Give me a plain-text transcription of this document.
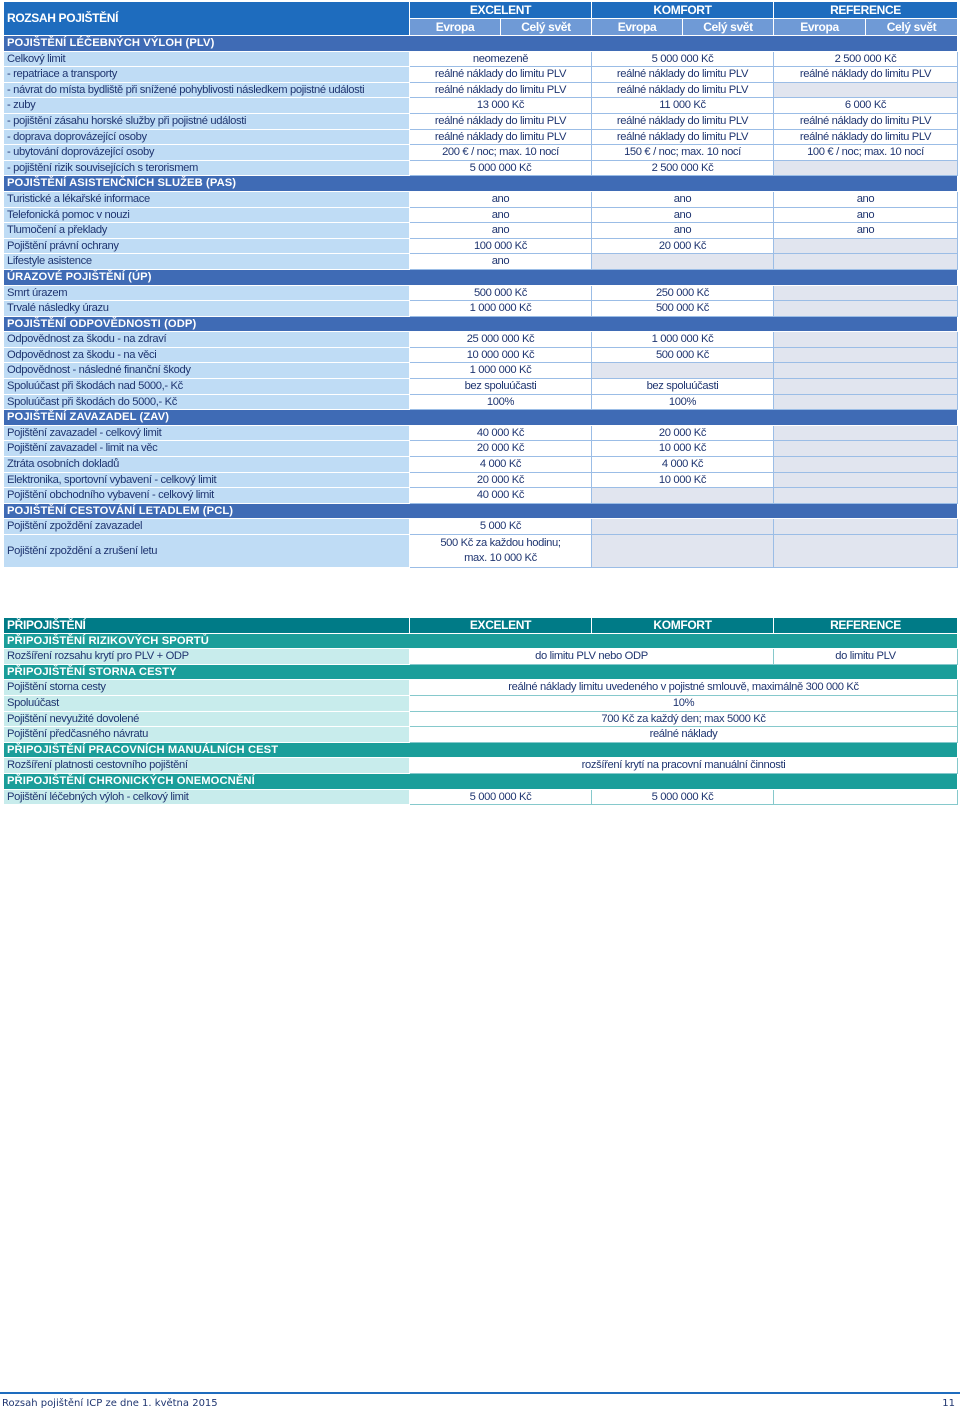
ROZSAH POJIŠTĚNÍ	EXCELENT		KOMFORT		REFERENCE	
	Evropa	Celý svět	Evropa	Celý svět	Evropa	Celý svět
POJIŠTĚNÍ LÉČEBNÝCH VÝLOH (PLV)						
Celkový limit	neomezeně		5 000 000 Kč		2 500 000 Kč	
- repatriace a transporty	reálné náklady do limitu PLV		reálné náklady do limitu PLV		reálné náklady do limitu PLV	
- návrat do místa bydliště při snížené pohyblivosti následkem pojistné události	reálné náklady do limitu PLV		reálné náklady do limitu PLV			
- zuby	13 000 Kč		11 000 Kč		6 000 Kč	
- pojištění zásahu horské služby při pojistné události	reálné náklady do limitu PLV		reálné náklady do limitu PLV		reálné náklady do limitu PLV	
- doprava doprovázející osoby	reálné náklady do limitu PLV		reálné náklady do limitu PLV		reálné náklady do limitu PLV	
- ubytování doprovázející osoby	200 € / noc; max. 10 nocí		150 € / noc; max. 10 nocí		100 € / noc; max. 10 nocí	
- pojištění rizik souvisejících s terorismem	5 000 000 Kč		2 500 000 Kč			
POJIŠTĚNÍ ASISTENČNÍCH SLUŽEB (PAS)						
Turistické a lékařské informace	ano		ano		ano	
Telefonická pomoc v nouzi	ano		ano		ano	
Tlumočení a překlady	ano		ano		ano	
Pojištění právní ochrany	100 000 Kč		20 000 Kč			
Lifestyle asistence	ano					
ÚRAZOVÉ POJIŠTĚNÍ (ÚP)						
Smrt úrazem	500 000 Kč		250 000 Kč			
Trvalé následky úrazu	1 000 000 Kč		500 000 Kč			
POJIŠTĚNÍ ODPOVĚDNOSTI (ODP)						
Odpovědnost za škodu - na zdraví	25 000 000 Kč		1 000 000 Kč			
Odpovědnost za škodu - na věci	10 000 000 Kč		500 000 Kč			
Odpovědnost - následné finanční škody	1 000 000 Kč					
Spoluúčast při škodách nad 5000,- Kč	bez spoluúčasti		bez spoluúčasti			
Spoluúčast při škodách do 5000,- Kč	100%		100%			
POJIŠTĚNÍ ZAVAZADEL (ZAV)						
Pojištění zavazadel - celkový limit	40 000 Kč		20 000 Kč			
Pojištění zavazadel - limit na věc	20 000 Kč		10 000 Kč			
Ztráta osobních dokladů	4 000 Kč		4 000 Kč			
Elektronika, sportovní vybavení - celkový limit	20 000 Kč		10 000 Kč			
Pojištění obchodního vybavení - celkový limit	40 000 Kč					
POJIŠTĚNÍ CESTOVÁNÍ LETADLEM (PCL)						
Pojištění zpoždění zavazadel	5 000 Kč					
Pojištění zpoždění a zrušení letu	500 Kč za každou hodinu;
max. 10 000 Kč					

PŘIPOJIŠTĚNÍ	EXCELENT	KOMFORT	REFERENCE
PŘIPOJIŠTĚNÍ RIZIKOVÝCH SPORTŮ			
Rozšíření rozsahu krytí pro PLV + ODP	do limitu PLV nebo ODP		do limitu PLV
PŘIPOJIŠTĚNÍ STORNA CESTY			
Pojištění storna cesty	reálné náklady limitu uvedeného v pojistné smlouvě, maximálně 300 000 Kč		
Spoluúčast	10%		
Pojištění nevyužité dovolené	700 Kč za každý den; max 5000 Kč		
Pojištění předčasného návratu	reálné náklady		
PŘIPOJIŠTĚNÍ PRACOVNÍCH MANUÁLNÍCH CEST			
Rozšíření platnosti cestovního pojištění	rozšíření krytí na pracovní manuální činnosti		
PŘIPOJIŠTĚNÍ CHRONICKÝCH ONEMOCNĚNÍ			
Pojištění léčebných výloh - celkový limit	5 000 000 Kč	5 000 000 Kč	
Rozsah pojištění ICP ze dne 1. května 2015	11
